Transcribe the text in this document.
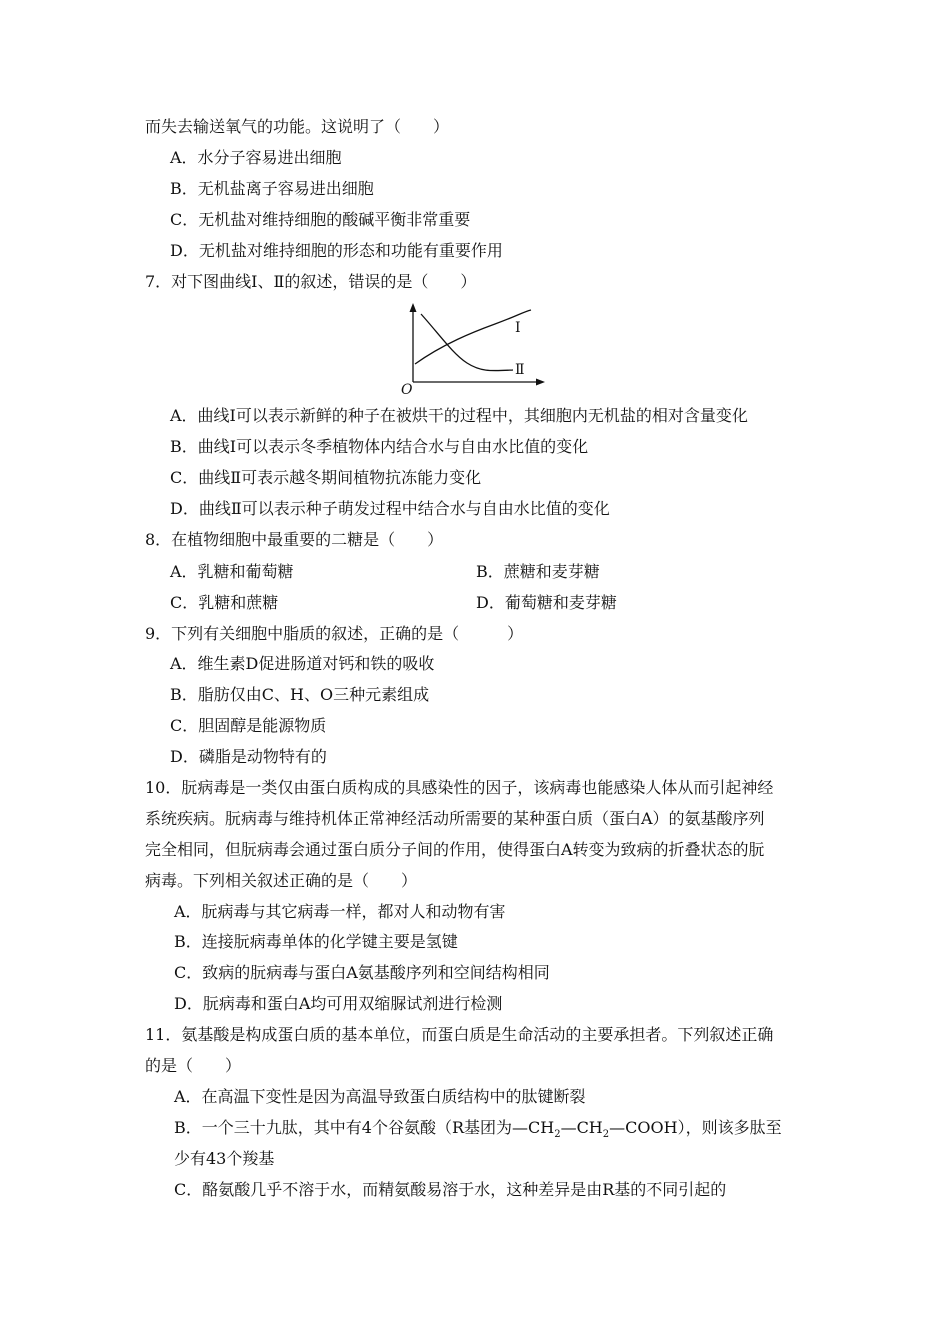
而失去输送氧气的功能。这说明了（　　）
A．水分子容易进出细胞
B．无机盐离子容易进出细胞
C．无机盐对维持细胞的酸碱平衡非常重要
D．无机盐对维持细胞的形态和功能有重要作用
7．对下图曲线Ⅰ、Ⅱ的叙述，错误的是（　　）
Ⅰ
Ⅱ
O
A．曲线Ⅰ可以表示新鲜的种子在被烘干的过程中，其细胞内无机盐的相对含量变化
B．曲线Ⅰ可以表示冬季植物体内结合水与自由水比值的变化
C．曲线Ⅱ可表示越冬期间植物抗冻能力变化
D．曲线Ⅱ可以表示种子萌发过程中结合水与自由水比值的变化
8．在植物细胞中最重要的二糖是（　　）
A．乳糖和葡萄糖	B．蔗糖和麦芽糖
C．乳糖和蔗糖	D．葡萄糖和麦芽糖
9．下列有关细胞中脂质的叙述，正确的是（　　　）
A．维生素D促进肠道对钙和铁的吸收
B．脂肪仅由C、H、O三种元素组成
C．胆固醇是能源物质
D．磷脂是动物特有的
10．朊病毒是一类仅由蛋白质构成的具感染性的因子，该病毒也能感染人体从而引起神经
系统疾病。朊病毒与维持机体正常神经活动所需要的某种蛋白质（蛋白A）的氨基酸序列
完全相同，但朊病毒会通过蛋白质分子间的作用，使得蛋白A转变为致病的折叠状态的朊
病毒。下列相关叙述正确的是（　　）
A．朊病毒与其它病毒一样，都对人和动物有害
B．连接朊病毒单体的化学键主要是氢键
C．致病的朊病毒与蛋白A氨基酸序列和空间结构相同
D．朊病毒和蛋白A均可用双缩脲试剂进行检测
11．氨基酸是构成蛋白质的基本单位，而蛋白质是生命活动的主要承担者。下列叙述正确
的是（　　）
A．在高温下变性是因为高温导致蛋白质结构中的肽键断裂
B．一个三十九肽，其中有4个谷氨酸（R基团为$—CH_2—CH_2—COOH$），则该多肽至
少有43个羧基
C．酪氨酸几乎不溶于水，而精氨酸易溶于水，这种差异是由R基的不同引起的
